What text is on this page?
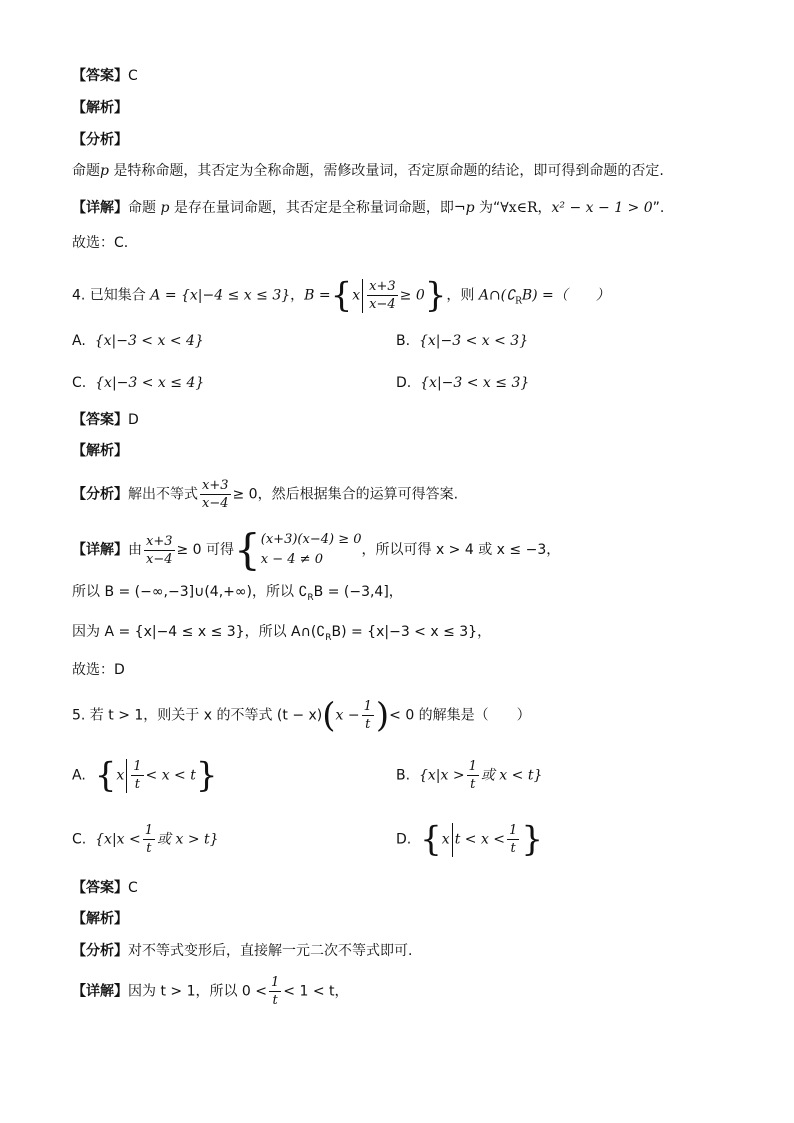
【答案】C
【解析】
【分析】
命题p 是特称命题，其否定为全称命题，需修改量词，否定原命题的结论，即可得到命题的否定.
【详解】命题 p 是存在量词命题，其否定是全称量词命题，即¬p 为“∀x∈R，x² − x − 1 > 0”.
故选：C.
4. 已知集合 A = {x|−4 ≤ x ≤ 3}，$B =\{x \frac{x+3}{x-4} \ge 0\}$，则 $A\cap(∁_RB)$ =（　　）
A. {x|−3 < x < 4}	B. {x|−3 < x < 3}
C. {x|−3 < x ≤ 4}	D. {x|−3 < x ≤ 3}
【答案】D
【解析】
【分析】解出不等式 $\frac{x+3}{x-4} \ge 0$，然后根据集合的运算可得答案.
【详解】由 $\frac{x+3}{x-4} \ge 0$ 可得{ (x+3)(x−4) ≥ 0
x − 4 ≠ 0
，所以可得 x > 4 或 x ≤ −3，
所以 B = (−∞,−3]∪(4,+∞)，所以 $∁_RB = (-3,4]$，
因为 A = {x|−4 ≤ x ≤ 3}，所以 $A\cap(∁_RB) = \{x|-3 < x \le 3\}$，
故选：D
5. 若 t > 1，则关于 x 的不等式 $(t - x)(x - \frac{1}{t}$ )< 0 的解集是（　　）
A. $\{x \frac{1}{t} < x < t\}$	B. {$x|x > \frac{1}{t}$ 或 x < t}
C. {$x|x < \frac{1}{t}$ 或 x > t}	D. {x $t < x < \frac{1}{t}$ }
【答案】C
【解析】
【分析】对不等式变形后，直接解一元二次不等式即可.
【详解】因为 t > 1，所以 $0 < \frac{1}{t} < 1 < t$，
